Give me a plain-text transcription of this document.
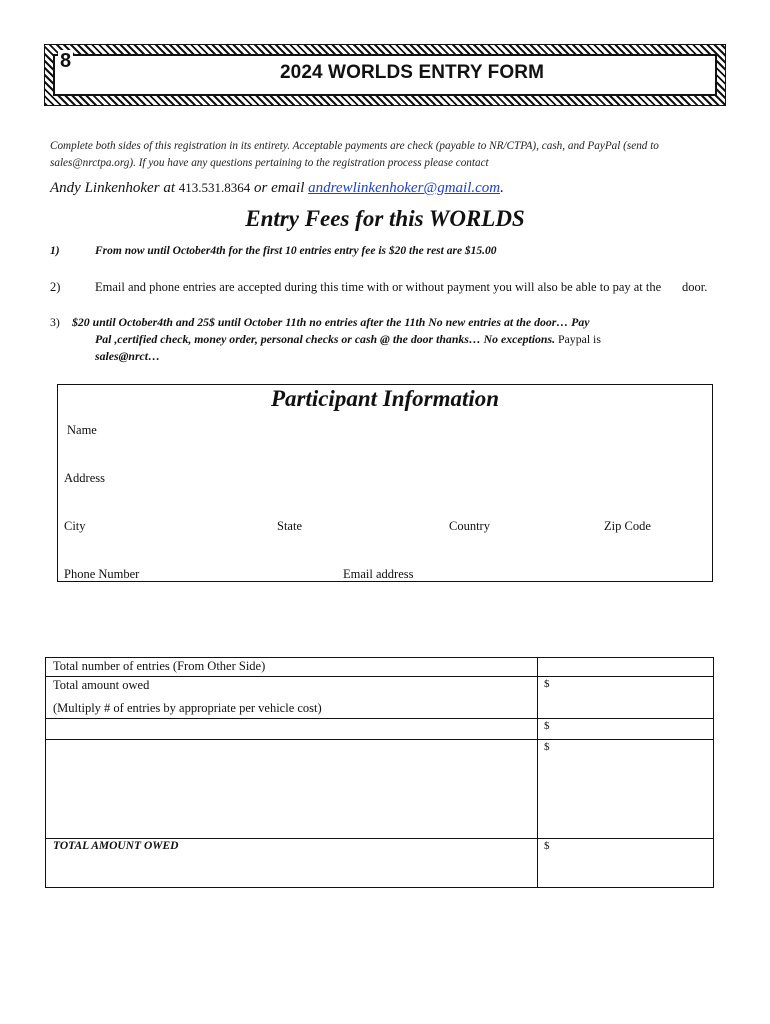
8
2024 WORLDS ENTRY FORM
Complete both sides of this registration in its entirety. Acceptable payments are check (payable to NR/CTPA), cash, and PayPal (send to
sales@nrctpa.org). If you have any questions pertaining to the registration process please contact
Andy Linkenhoker at 413.531.8364 or email andrewlinkenhoker@gmail.com.
Entry Fees for this WORLDS
1)	From now until October4th for the first 10 entries entry fee is $20 the rest are $15.00
2)	Email and phone entries are accepted during this time with or without payment you will also be able to pay at the door.
3) $20 until October4th and 25$ until October 11th no entries after the 11th No new entries at the door… Pay
Pal ,certified check, money order, personal checks or cash @ the door thanks… No exceptions. Paypal is
sales@nrct…
Participant Information
Name
Address
City	State	Country	Zip Code
Phone Number	Email address
Total number of entries (From Other Side)	

Total amount owed
(Multiply # of entries by appropriate per vehicle cost)	$
	$
	$
TOTAL AMOUNT OWED	$
